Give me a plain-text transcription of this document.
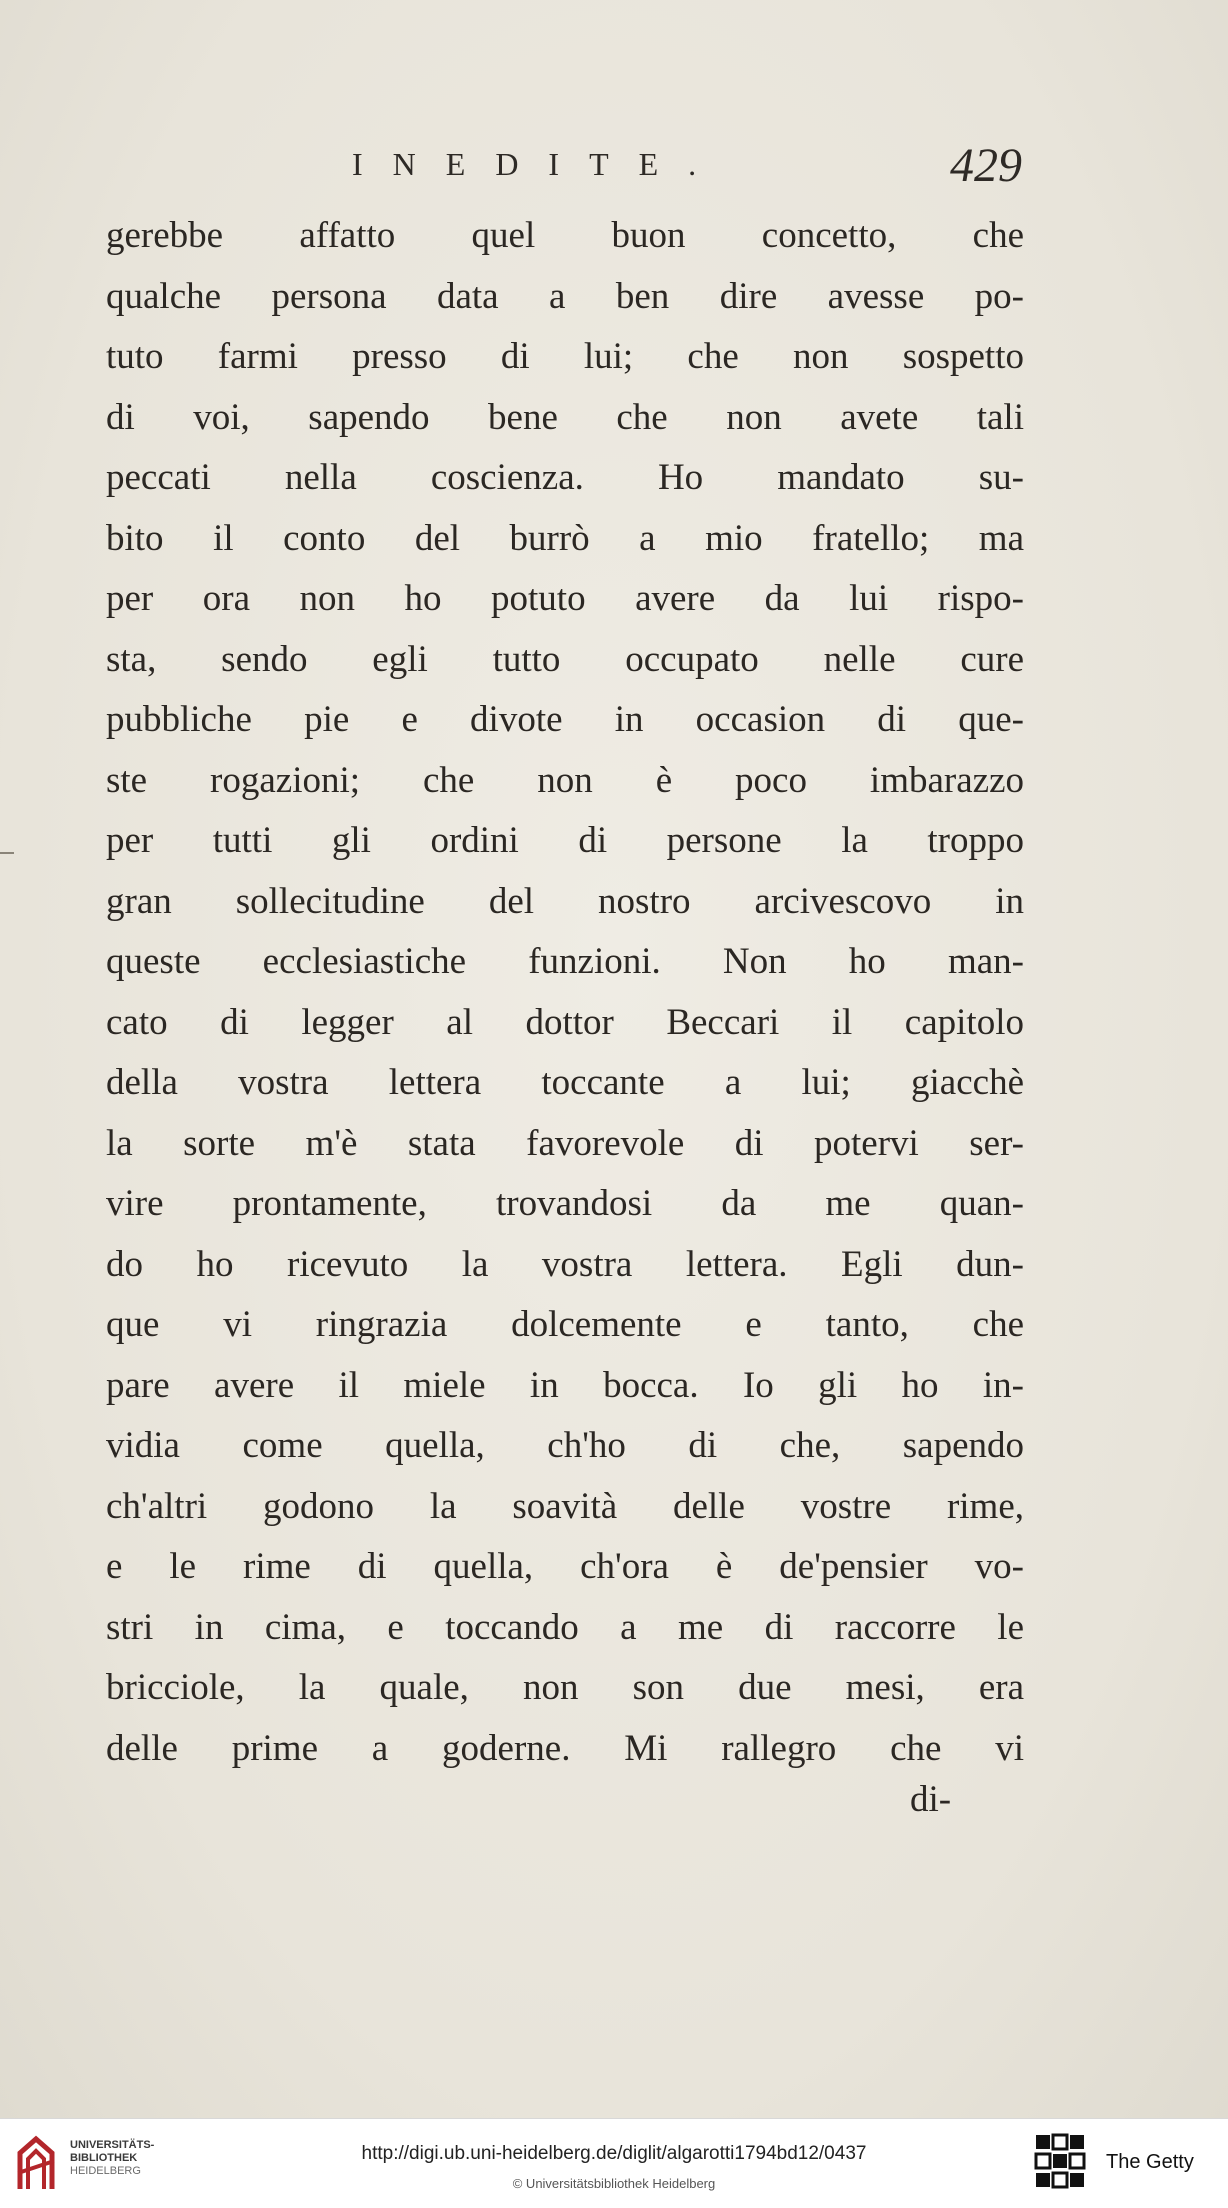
INEDITE.	429
gerebbe affatto quel buon concetto, che
qualche persona data a ben dire avesse po-
tuto farmi presso di lui; che non sospetto
di voi, sapendo bene che non avete tali
peccati nella coscienza. Ho mandato su-
bito il conto del burrò a mio fratello; ma
per ora non ho potuto avere da lui rispo-
sta, sendo egli tutto occupato nelle cure
pubbliche pie e divote in occasion di que-
ste rogazioni; che non è poco imbarazzo
per tutti gli ordini di persone la troppo
gran sollecitudine del nostro arcivescovo in
queste ecclesiastiche funzioni. Non ho man-
cato di legger al dottor Beccari il capitolo
della vostra lettera toccante a lui; giacchè
la sorte m'è stata favorevole di potervi ser-
vire prontamente, trovandosi da me quan-
do ho ricevuto la vostra lettera. Egli dun-
que vi ringrazia dolcemente e tanto, che
pare avere il miele in bocca. Io gli ho in-
vidia come quella, ch'ho di che, sapendo
ch'altri godono la soavità delle vostre rime,
e le rime di quella, ch'ora è de'pensier vo-
stri in cima, e toccando a me di raccorre le
bricciole, la quale, non son due mesi, era
delle prime a goderne. Mi rallegro che vi
di-
UNIVERSITÄTS-
BIBLIOTHEK
HEIDELBERG
http://digi.ub.uni-heidelberg.de/diglit/algarotti1794bd12/0437
© Universitätsbibliothek Heidelberg
The Getty
